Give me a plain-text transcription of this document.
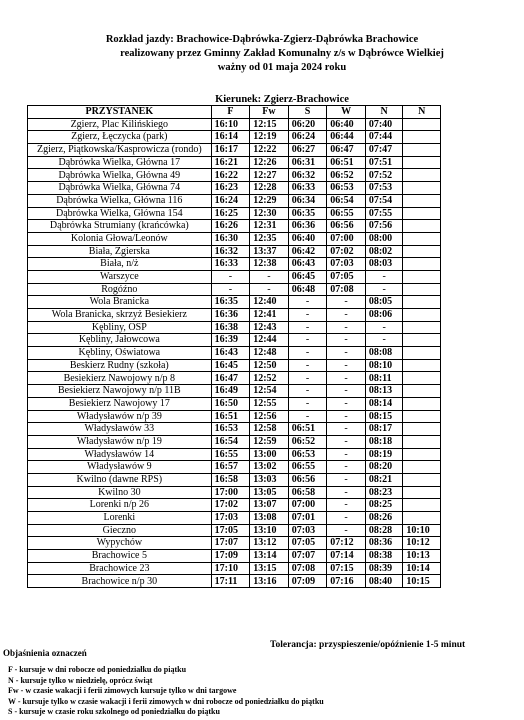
Rozkład jazdy: Brachowice-Dąbrówka-Zgierz-Dąbrówka Brachowice
realizowany przez Gminny Zakład Komunalny z/s w Dąbrówce Wielkiej
ważny od 01 maja 2024 roku
Kierunek: Zgierz-Brachowice
PRZYSTANEK	F	Fw	S	W	N	N
Zgierz, Plac Kilińskiego	16:10	12:15	06:20	06:40	07:40	
Zgierz, Łęczycka (park)	16:14	12:19	06:24	06:44	07:44	
Zgierz, Piątkowska/Kasprowicza (rondo)	16:17	12:22	06:27	06:47	07:47	
Dąbrówka Wielka, Główna 17	16:21	12:26	06:31	06:51	07:51	
Dąbrówka Wielka, Główna 49	16:22	12:27	06:32	06:52	07:52	
Dąbrówka Wielka, Główna 74	16:23	12:28	06:33	06:53	07:53	
Dąbrówka Wielka, Główna 116	16:24	12:29	06:34	06:54	07:54	
Dąbrówka Wielka, Główna 154	16:25	12:30	06:35	06:55	07:55	
Dąbrówka Strumiany (krańcówka)	16:26	12:31	06:36	06:56	07:56	
Kolonia Głowa/Leonów	16:30	12:35	06:40	07:00	08:00	
Biała, Zgierska	16:32	13:37	06:42	07:02	08:02	
Biała, n/ż	16:33	12:38	06:43	07:03	08:03	
Warszyce	-	-	06:45	07:05	-	
Rogóźno	-	-	06:48	07:08	-	
Wola Branicka	16:35	12:40	-	-	08:05	
Wola Branicka, skrzyż Besiekierz	16:36	12:41	-	-	08:06	
Kębliny, OSP	16:38	12:43	-	-	-	
Kębliny, Jałowcowa	16:39	12:44	-	-	-	
Kębliny, Oświatowa	16:43	12:48	-	-	08:08	
Beskierz Rudny (szkoła)	16:45	12:50	-	-	08:10	
Besiekierz Nawojowy n/p 8	16:47	12:52	-	-	08:11	
Besiekierz Nawojowy n/p 11B	16:49	12:54	-	-	08:13	
Besiekierz Nawojowy 17	16:50	12:55	-	-	08:14	
Władysławów n/p 39	16:51	12:56	-	-	08:15	
Władysławów 33	16:53	12:58	06:51	-	08:17	
Władysławów n/p 19	16:54	12:59	06:52	-	08:18	
Władysławów 14	16:55	13:00	06:53	-	08:19	
Władysławów 9	16:57	13:02	06:55	-	08:20	
Kwilno (dawne RPS)	16:58	13:03	06:56	-	08:21	
Kwilno 30	17:00	13:05	06:58	-	08:23	
Lorenki n/p 26	17:02	13:07	07:00	-	08:25	
Lorenki	17:03	13:08	07:01	-	08:26	
Gieczno	17:05	13:10	07:03	-	08:28	10:10
Wypychów	17:07	13:12	07:05	07:12	08:36	10:12
Brachowice 5	17:09	13:14	07:07	07:14	08:38	10:13
Brachowice 23	17:10	13:15	07:08	07:15	08:39	10:14
Brachowice n/p 30	17:11	13:16	07:09	07:16	08:40	10:15
Tolerancja: przyspieszenie/opóźnienie 1-5 minut
Objaśnienia oznaczeń
F - kursuje w dni robocze od poniedziałku do piątku
N - kursuje tylko w niedzielę, oprócz świąt
Fw - w czasie wakacji i ferii zimowych kursuje tylko w dni targowe
W - kursuje tylko w czasie wakacji i ferii zimowych w dni robocze od poniedziałku do piątku
S - kursuje w czasie roku szkolnego od poniedziałku do piątku
